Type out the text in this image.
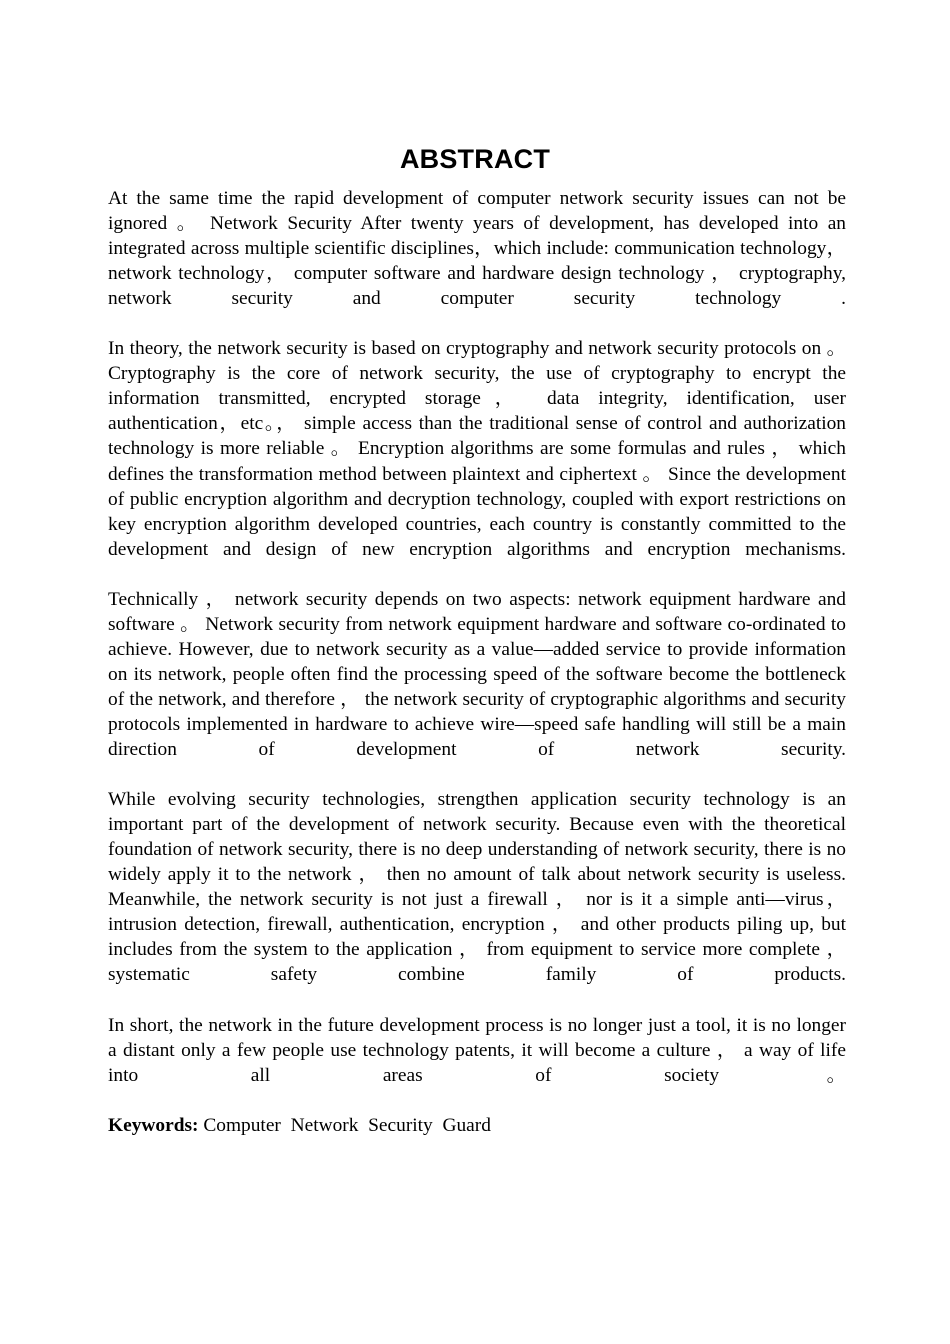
ABSTRACT

At the same time the rapid development of computer network security issues can not be ignored 。 Network Security After twenty years of development, has developed into an integrated across multiple scientific disciplines，which include: communication technology，network technology， computer software and hardware design technology ， cryptography, network security and computer security technology .

In theory, the network security is based on cryptography and network security protocols on 。Cryptography is the core of network security, the use of cryptography to encrypt the information transmitted, encrypted storage， data integrity, identification, user authentication，etc。， simple access than the traditional sense of control and authorization technology is more reliable 。 Encryption algorithms are some formulas and rules ， which defines the transformation method between plaintext and ciphertext 。 Since the development of public encryption algorithm and decryption technology, coupled with export restrictions on key encryption algorithm developed countries, each country is constantly committed to the development and design of new encryption algorithms and encryption mechanisms.

Technically ， network security depends on two aspects: network equipment hardware and software 。 Network security from network equipment hardware and software co-ordinated to achieve. However, due to network security as a value—added service to provide information on its network, people often find the processing speed of the software become the bottleneck of the network, and therefore ， the network security of cryptographic algorithms and security protocols implemented in hardware to achieve wire—speed safe handling will still be a main direction of development of network security.

While evolving security technologies, strengthen application security technology is an important part of the development of network security. Because even with the theoretical foundation of network security, there is no deep understanding of network security, there is no widely apply it to the network ， then no amount of talk about network security is useless. Meanwhile, the network security is not just a firewall ， nor is it a simple anti—virus，intrusion detection, firewall, authentication, encryption ， and other products piling up, but includes from the system to the application ， from equipment to service more complete ，systematic safety combine family of products.

In short, the network in the future development process is no longer just a tool, it is no longer a distant only a few people use technology patents, it will become a culture ， a way of life into all areas of society。

Keywords: Computer  Network  Security  Guard
